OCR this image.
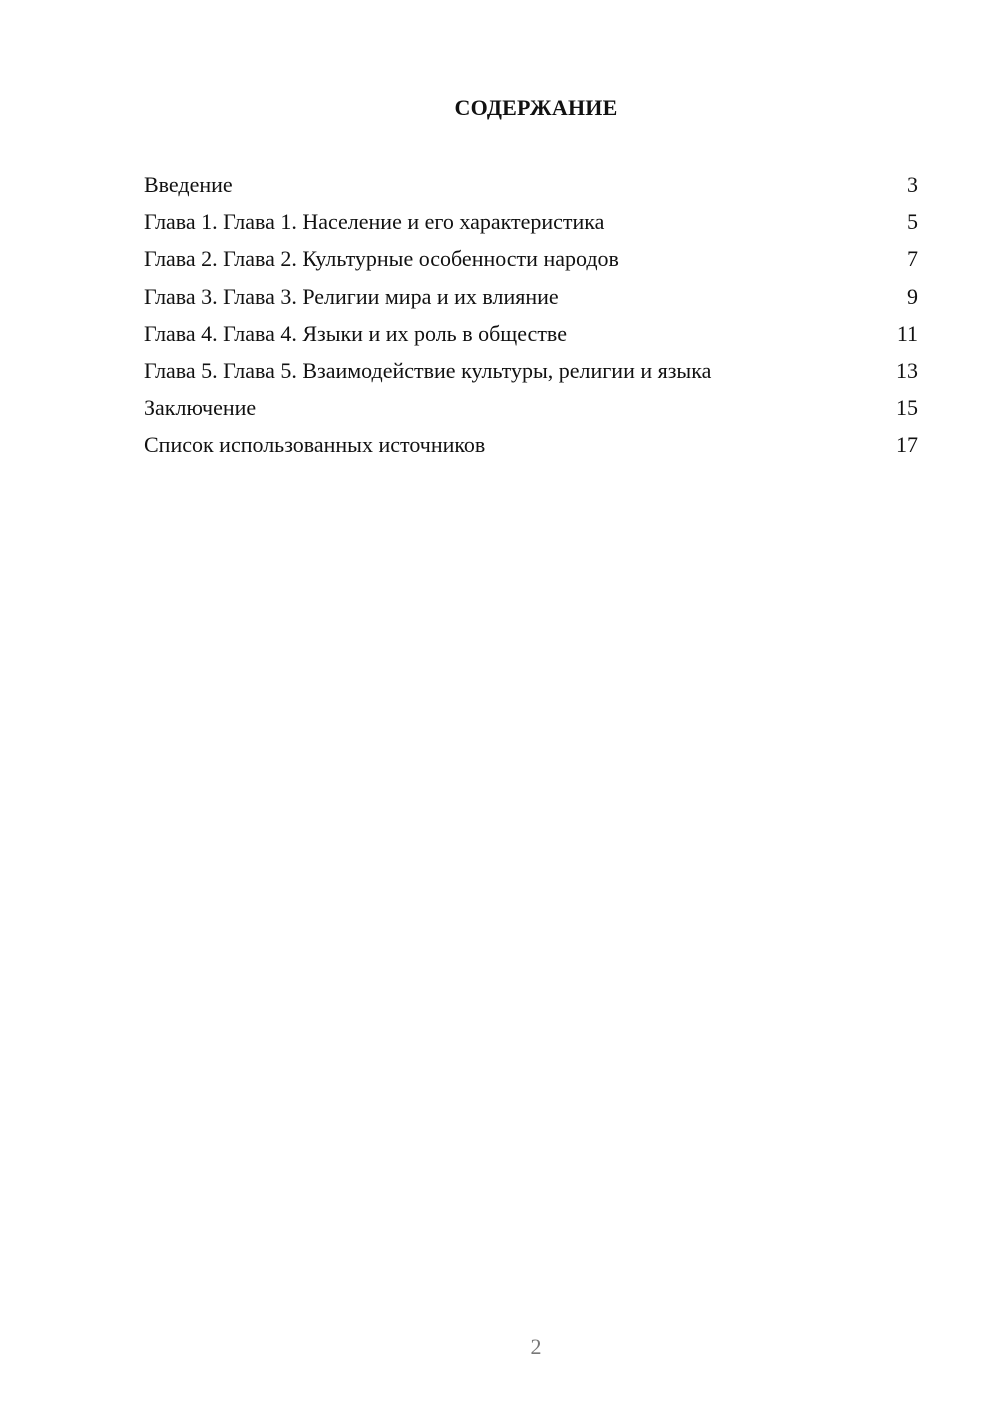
СОДЕРЖАНИЕ
Введение	3
Глава 1. Глава 1. Население и его характеристика	5
Глава 2. Глава 2. Культурные особенности народов	7
Глава 3. Глава 3. Религии мира и их влияние	9
Глава 4. Глава 4. Языки и их роль в обществе	11
Глава 5. Глава 5. Взаимодействие культуры, религии и языка	13
Заключение	15
Список использованных источников	17
2
